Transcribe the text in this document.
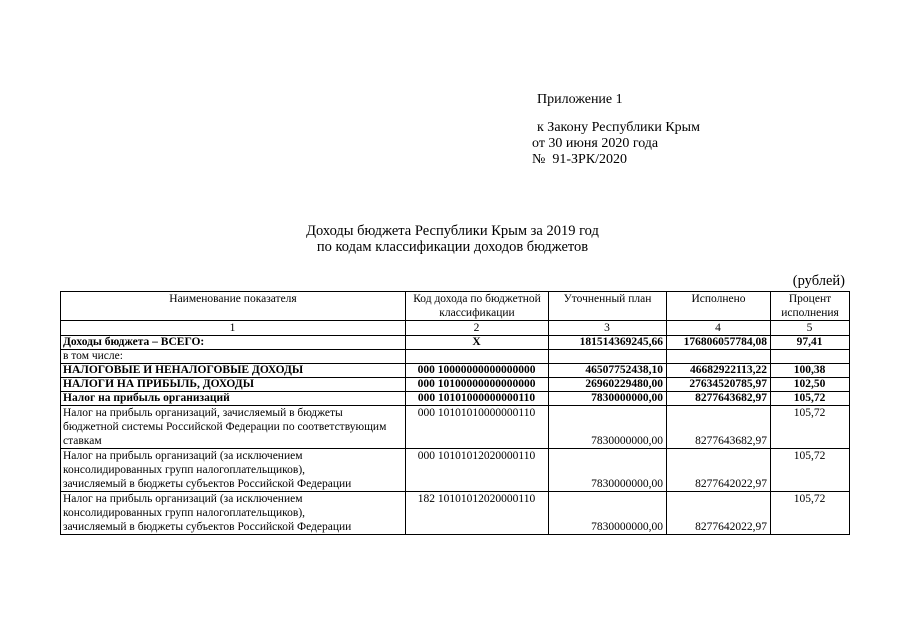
Приложение 1
к Закону Республики Крым
от 30 июня 2020 года
№  91-ЗРК/2020
Доходы бюджета Республики Крым за 2019 год
по кодам классификации доходов бюджетов
(рублей)
Наименование показателя	Код дохода по бюджетной классификации	Уточненный план	Исполнено	Процент исполнения
1	2	3	4	5
Доходы бюджета – ВСЕГО:	X	181514369245,66	176806057784,08	97,41
в том числе:				
НАЛОГОВЫЕ И НЕНАЛОГОВЫЕ ДОХОДЫ	000 10000000000000000	46507752438,10	46682922113,22	100,38
НАЛОГИ НА ПРИБЫЛЬ, ДОХОДЫ	000 10100000000000000	26960229480,00	27634520785,97	102,50
Налог на прибыль организаций	000 10101000000000110	7830000000,00	8277643682,97	105,72
Налог на прибыль организаций, зачисляемый в бюджеты
бюджетной системы Российской Федерации по соответствующим
ставкам	000 10101010000000110	7830000000,00	8277643682,97	105,72
Налог на прибыль организаций (за исключением
консолидированных групп налогоплательщиков),
зачисляемый в бюджеты субъектов Российской Федерации	000 10101012020000110	7830000000,00	8277642022,97	105,72
Налог на прибыль организаций (за исключением
консолидированных групп налогоплательщиков),
зачисляемый в бюджеты субъектов Российской Федерации	182 10101012020000110	7830000000,00	8277642022,97	105,72
